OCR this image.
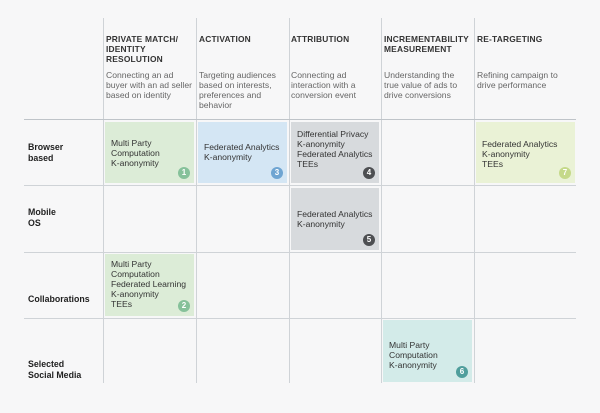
PRIVATE MATCH/
IDENTITY
RESOLUTION
Connecting an ad
buyer with an ad seller
based on identity
ACTIVATION
Targeting audiences
based on interests,
preferences and
behavior
ATTRIBUTION
Connecting ad
interaction with a
conversion event
INCREMENTABILITY
MEASUREMENT
Understanding the
true value of ads to
drive conversions
RE-TARGETING
Refining campaign to
drive performance
Browser
based
Mobile
OS
Collaborations
Selected
Social Media
Multi Party
Computation
K-anonymity
1
Federated Analytics
K-anonymity
3
Differential Privacy
K-anonymity
Federated Analytics
TEEs
4
Federated Analytics
K-anonymity
TEEs
7
Federated Analytics
K-anonymity
5
Multi Party
Computation
Federated Learning
K-anonymity
TEEs	2
Multi Party
Computation
K-anonymity
6
